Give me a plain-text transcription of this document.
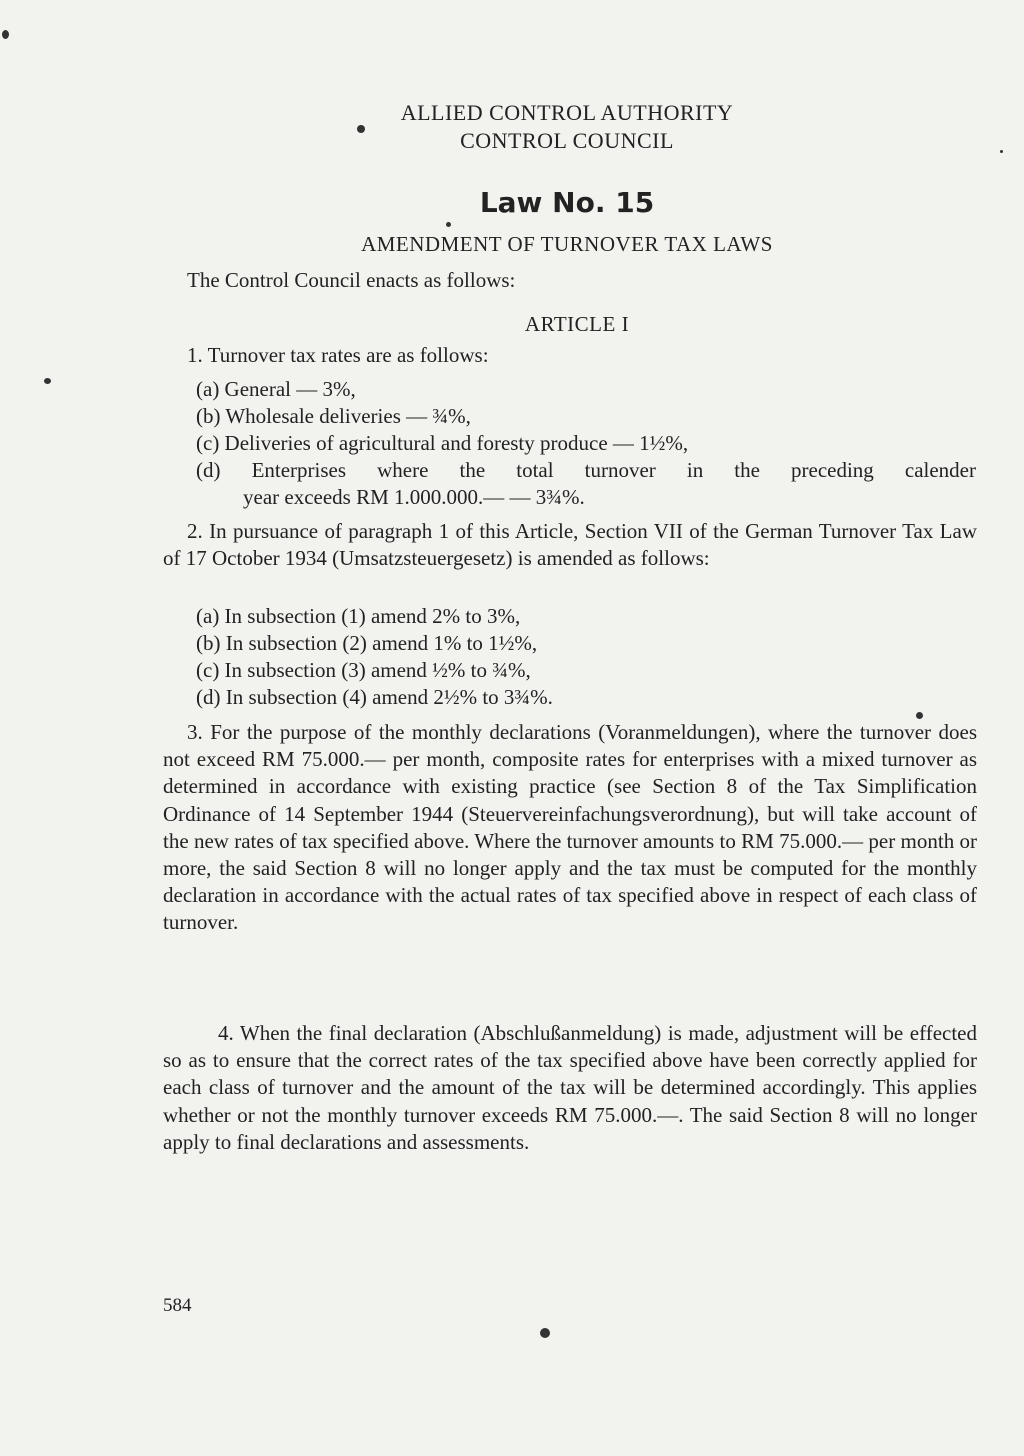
ALLIED CONTROL AUTHORITY
CONTROL COUNCIL
Law No. 15
AMENDMENT OF TURNOVER TAX LAWS
The Control Council enacts as follows:
ARTICLE I
1. Turnover tax rates are as follows:
(a) General — 3%,
(b) Wholesale deliveries — ¾%,
(c) Deliveries of agricultural and foresty produce — 1½%,
(d) Enterprises where the total turnover in the preceding calender
year exceeds RM 1.000.000.— — 3¾%.
2. In pursuance of paragraph 1 of this Article, Section VII of the German Turnover Tax Law of 17 October 1934 (Umsatzsteuergesetz) is amended as follows:
(a) In subsection (1) amend 2% to 3%,
(b) In subsection (2) amend 1% to 1½%,
(c) In subsection (3) amend ½% to ¾%,
(d) In subsection (4) amend 2½% to 3¾%.
3. For the purpose of the monthly declarations (Voranmeldungen), where the turnover does not exceed RM 75.000.— per month, composite rates for enterprises with a mixed turnover as determined in accordance with existing practice (see Section 8 of the Tax Simplification Ordinance of 14 September 1944 (Steuervereinfachungsverordnung), but will take account of the new rates of tax specified above. Where the turnover amounts to RM 75.000.— per month or more, the said Section 8 will no longer apply and the tax must be computed for the monthly declaration in accordance with the actual rates of tax specified above in respect of each class of turnover.
4. When the final declaration (Abschlußanmeldung) is made, adjustment will be effected so as to ensure that the correct rates of the tax specified above have been correctly applied for each class of turnover and the amount of the tax will be determined accordingly. This applies whether or not the monthly turnover exceeds RM 75.000.—. The said Section 8 will no longer apply to final declarations and assessments.
584
